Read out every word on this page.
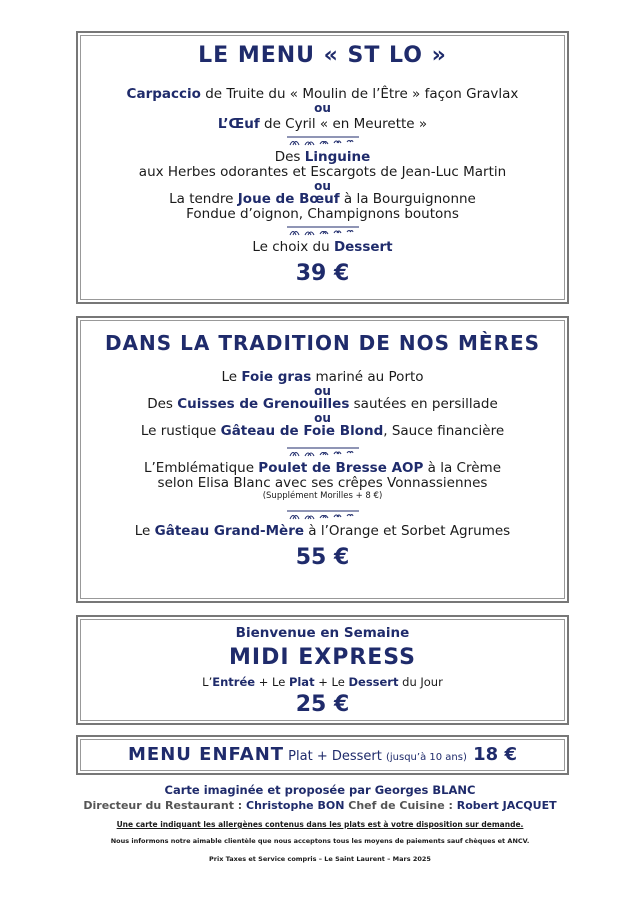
LE MENU « ST LO »
Carpaccio de Truite du « Moulin de l’Être » façon Gravlax
ou
L’Œuf de Cyril « en Meurette »
Des Linguine
aux Herbes odorantes et Escargots de Jean-Luc Martin
ou
La tendre Joue de Bœuf à la Bourguignonne
Fondue d’oignon, Champignons boutons
Le choix du Dessert
39 €
DANS LA TRADITION DE NOS MÈRES
Le Foie gras mariné au Porto
ou
Des Cuisses de Grenouilles sautées en persillade
ou
Le rustique Gâteau de Foie Blond, Sauce financière
L’Emblématique Poulet de Bresse AOP à la Crème
selon Elisa Blanc avec ses crêpes Vonnassiennes
(Supplément Morilles + 8 €)
Le Gâteau Grand-Mère à l’Orange et Sorbet Agrumes
55 €
Bienvenue en Semaine
MIDI EXPRESS
L’Entrée + Le Plat + Le Dessert du Jour
25 €
MENU ENFANT Plat + Dessert (jusqu’à 10 ans) 18 €
Carte imaginée et proposée par Georges BLANC
Directeur du Restaurant : Christophe BON Chef de Cuisine : Robert JACQUET
Une carte indiquant les allergènes contenus dans les plats est à votre disposition sur demande.
Nous informons notre aimable clientèle que nous acceptons tous les moyens de paiements sauf chèques et ANCV.
Prix Taxes et Service compris – Le Saint Laurent – Mars 2025
